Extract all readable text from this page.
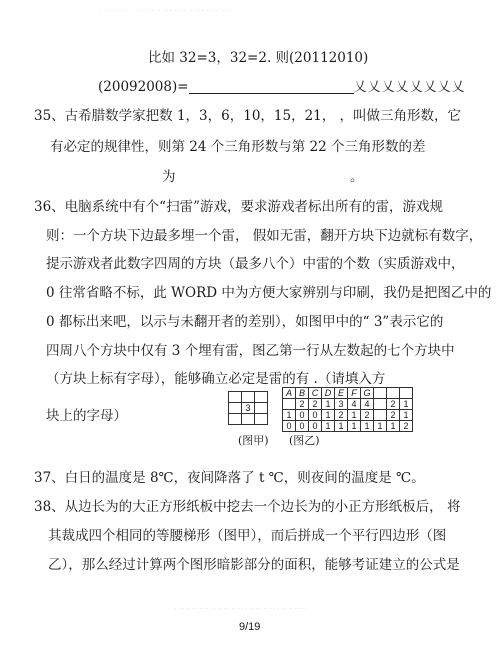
· ·· ·· ·· ·· · ·· ·· ·· ·· ·· · ·· ·· ·· ·· · ·· ·· ·· ··
比如 32=3，32=2. 则(20112010)
(20092008)=	乂乂乂乂乂乂乂乂
35、古希腊数学家把数 1，3，6，10，15，21， ，叫做三角形数，它
有必定的规律性，则第 24 个三角形数与第 22 个三角形数的差
为	。
36、电脑系统中有个“扫雷”游戏，要求游戏者标出所有的雷，游戏规
则：一个方块下边最多埋一个雷， 假如无雷，翻开方块下边就标有数字，
提示游戏者此数字四周的方块（最多八个）中雷的个数（实质游戏中，
0 往常省略不标，此 WORD 中为方便大家辨别与印刷，我仍是把图乙中的
0 都标出来吧，以示与未翻开者的差别），如图甲中的“ 3”表示它的
四周八个方块中仅有 3 个埋有雷，图乙第一行从左数起的七个方块中
（方块上标有字母），能够确立必定是雷的有 .（请填入方
块上的字母）

		3	

(图甲)
A	B	C	D	E	F	G			
	2	2	1	3	4	4		2	1
1	0	0	1	2	1	2		2	1
0	0	0	1	1	1	1	1	1	2
(图乙)
37、白日的温度是 8℃，夜间降落了 t ℃，则夜间的温度是 ℃。
38、从边长为的大正方形纸板中挖去一个边长为的小正方形纸板后， 将
其裁成四个相同的等腰梯形（图甲），而后拼成一个平行四边形（图
乙），那么经过计算两个图形暗影部分的面积，能够考证建立的公式是
· ·· ·· ·· ·· · ·· ·· ·· ·· ·· · ·· ·· ·· ·· · ·· ·· ·· ··
9/19
